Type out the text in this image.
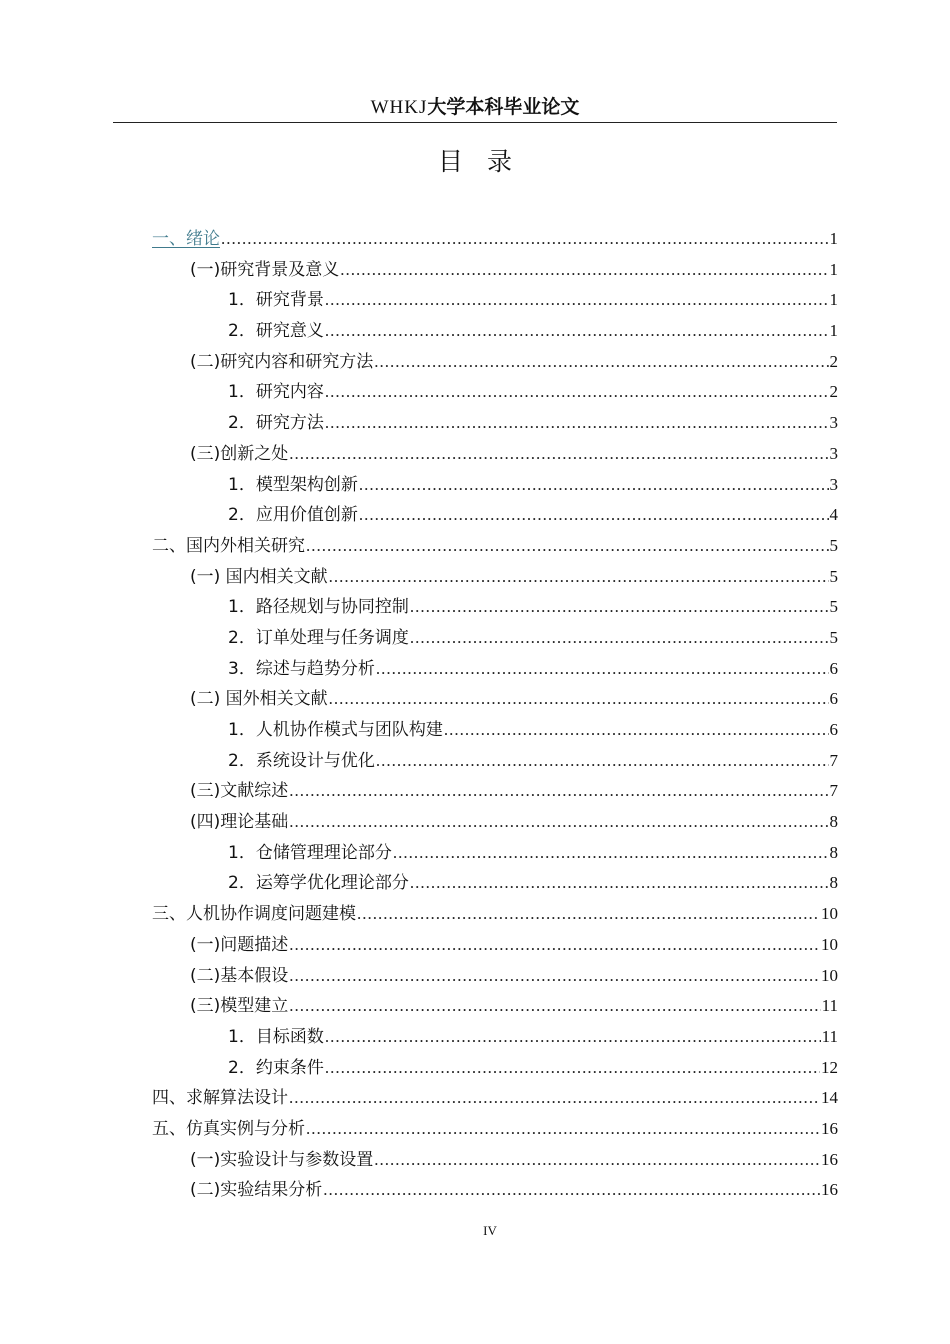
WHKJ大学本科毕业论文
目录
一、绪论 .....	1
(一)研究背景及意义 .....	1
1．研究背景 .....	1
2．研究意义 .....	1
(二)研究内容和研究方法 .....	2
1．研究内容 .....	2
2．研究方法 .....	3
(三)创新之处 .....	3
1．模型架构创新 .....	3
2．应用价值创新 .....	4
二、国内外相关研究 .....	5
(一) 国内相关文献 .....	5
1．路径规划与协同控制 .....	5
2．订单处理与任务调度 .....	5
3．综述与趋势分析 .....	6
(二) 国外相关文献 .....	6
1．人机协作模式与团队构建 .....	6
2．系统设计与优化 .....	7
(三)文献综述 .....	7
(四)理论基础 .....	8
1．仓储管理理论部分 .....	8
2．运筹学优化理论部分 .....	8
三、人机协作调度问题建模 .....	10
(一)问题描述 .....	10
(二)基本假设 .....	10
(三)模型建立 .....	11
1．目标函数 .....	11
2．约束条件 .....	12
四、求解算法设计 .....	14
五、仿真实例与分析 .....	16
(一)实验设计与参数设置 .....	16
(二)实验结果分析 .....	16
IV
